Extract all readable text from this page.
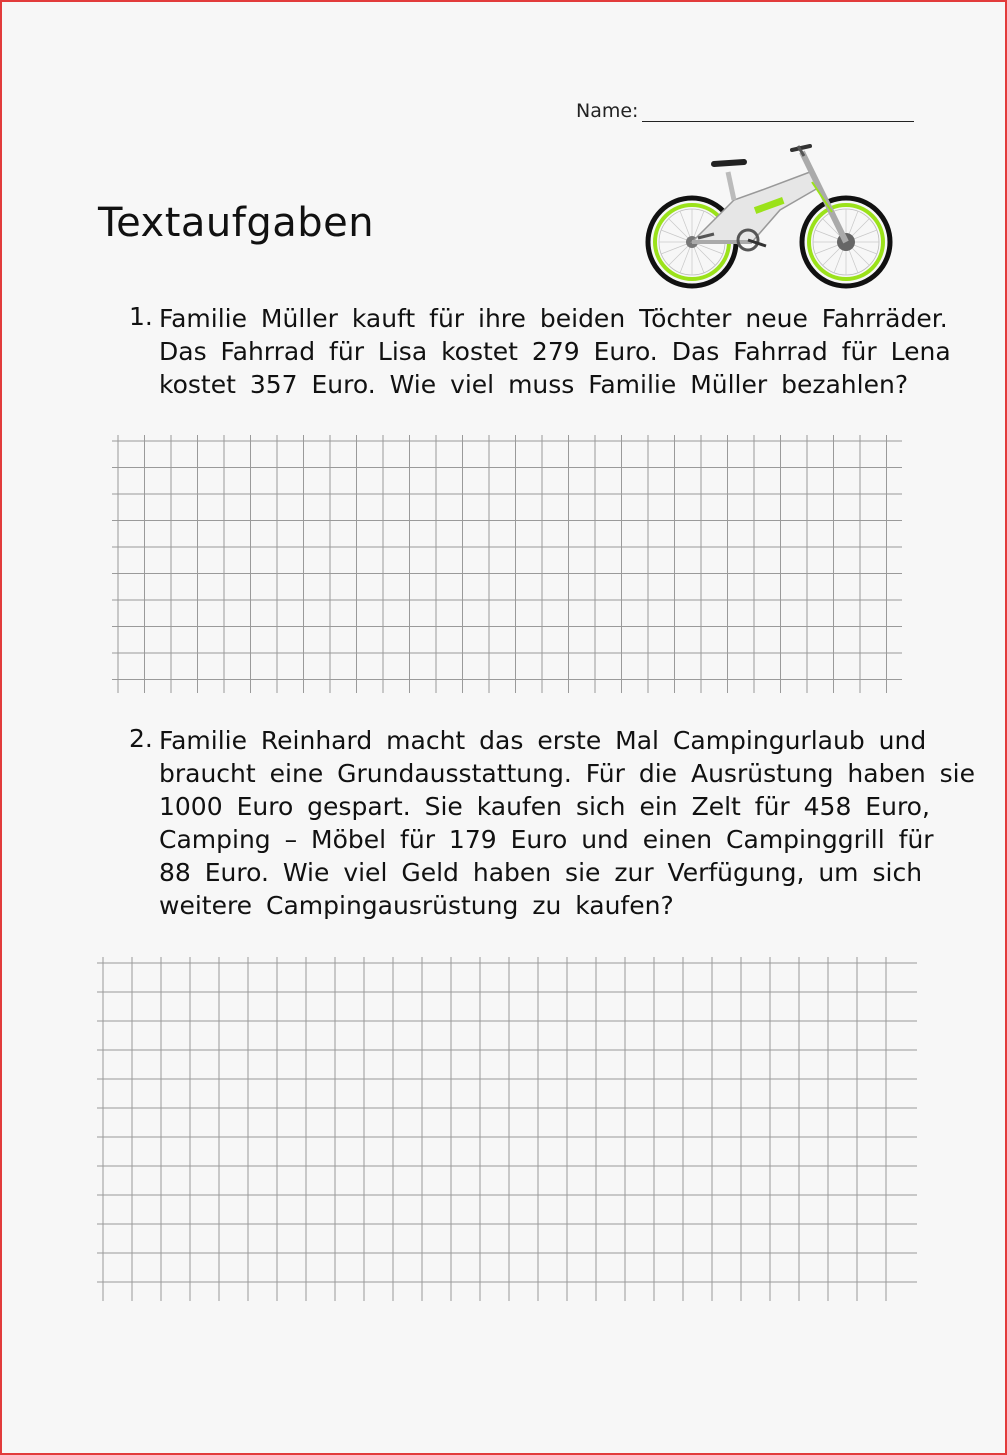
Name:
Textaufgaben
1. Familie Müller kauft für ihre beiden Töchter neue Fahrräder.
Das Fahrrad für Lisa kostet 279 Euro. Das Fahrrad für Lena
kostet 357 Euro. Wie viel muss Familie Müller bezahlen?
2. Familie Reinhard macht das erste Mal Campingurlaub und
braucht eine Grundausstattung. Für die Ausrüstung haben sie
1000 Euro gespart. Sie kaufen sich ein Zelt für 458 Euro,
Camping – Möbel für 179 Euro und einen Campinggrill für
88 Euro. Wie viel Geld haben sie zur Verfügung, um sich
weitere Campingausrüstung zu kaufen?
